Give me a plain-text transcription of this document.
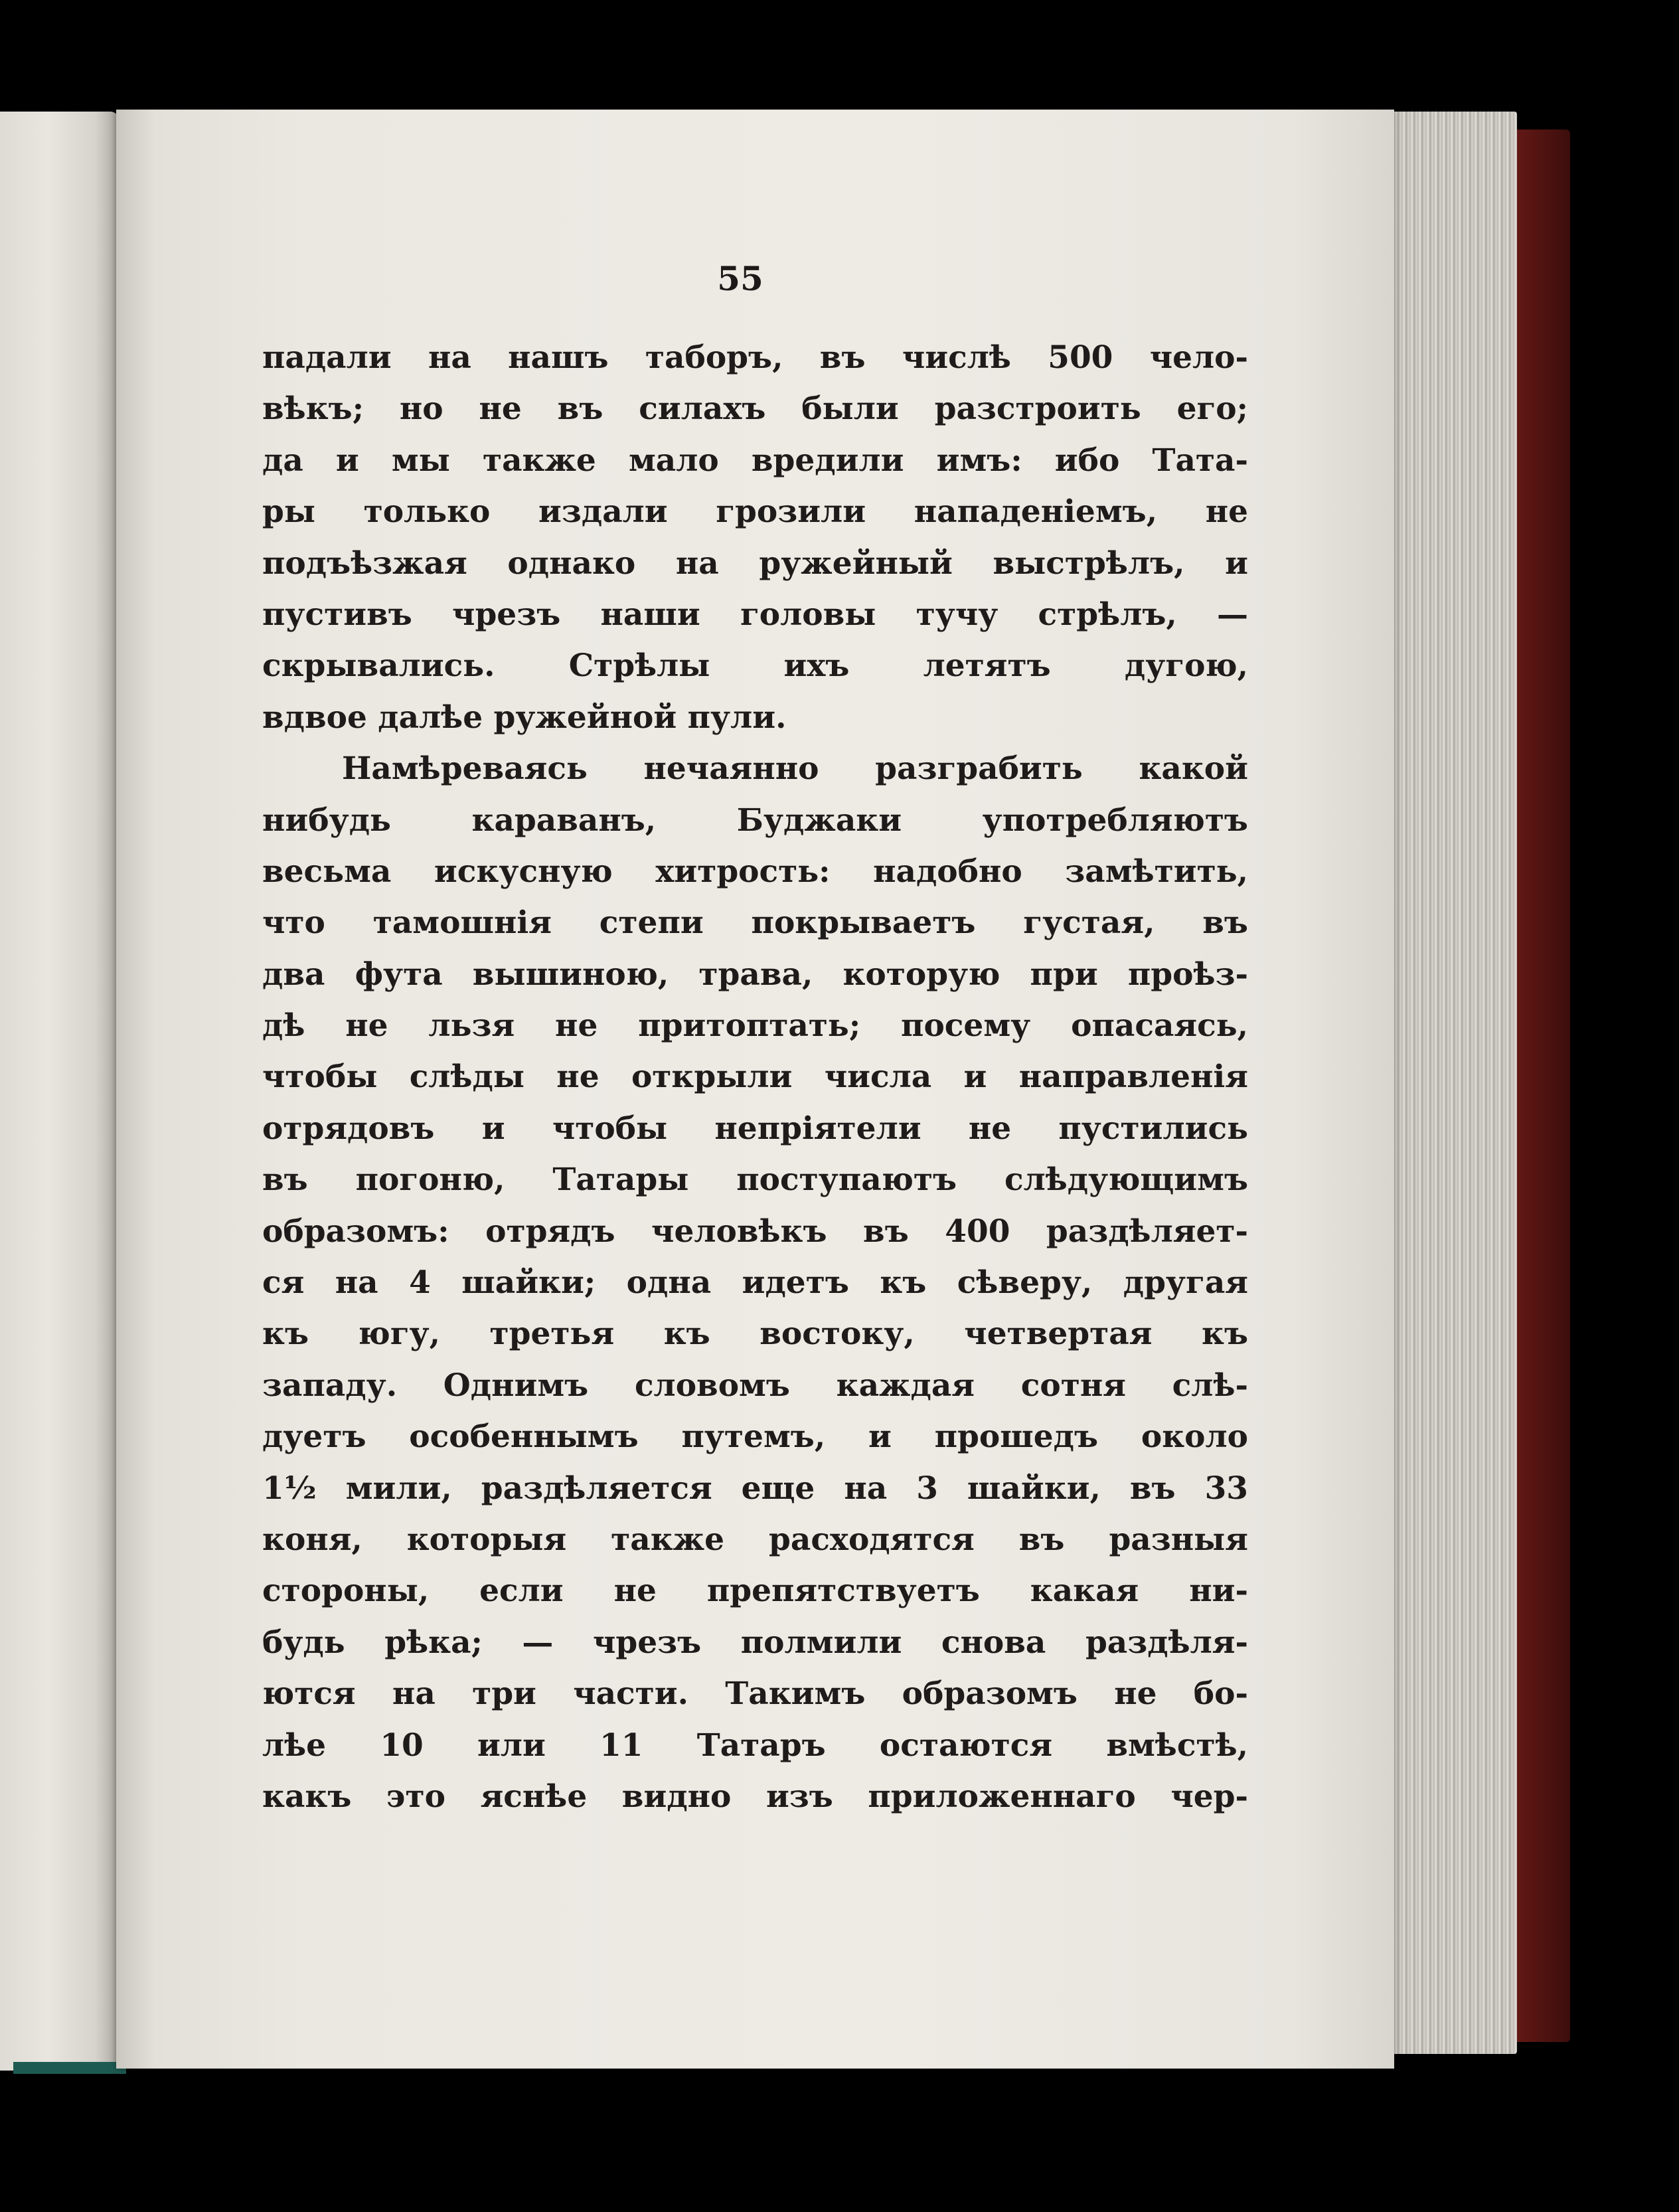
55
падали на нашъ таборъ, въ числѣ 500 чело-
вѣкъ; но не въ силахъ были разстроить его;
да и мы также мало вредили имъ: ибо Тата-
ры только издали грозили нападеніемъ, не
подъѣзжая однако на ружейный выстрѣлъ, и
пустивъ чрезъ наши головы тучу стрѣлъ, —
скрывались. Стрѣлы ихъ летятъ дугою,
вдвое далѣе ружейной пули.
Намѣреваясь нечаянно разграбить какой
нибудь караванъ, Буджаки употребляютъ
весьма искусную хитрость: надобно замѣтить,
что тамошнія степи покрываетъ густая, въ
два фута вышиною, трава, которую при проѣз-
дѣ не льзя не притоптать; посему опасаясь,
чтобы слѣды не открыли числа и направленія
отрядовъ и чтобы непріятели не пустились
въ погоню, Татары поступаютъ слѣдующимъ
образомъ: отрядъ человѣкъ въ 400 раздѣляет-
ся на 4 шайки; одна идетъ къ сѣверу, другая
къ югу, третья къ востоку, четвертая къ
западу. Однимъ словомъ каждая сотня слѣ-
дуетъ особеннымъ путемъ, и прошедъ около
1½ мили, раздѣляется еще на 3 шайки, въ 33
коня, которыя также расходятся въ разныя
стороны, если не препятствуетъ какая ни-
будь рѣка; — чрезъ полмили снова раздѣля-
ются на три части. Такимъ образомъ не бо-
лѣе 10 или 11 Татаръ остаются вмѣстѣ,
какъ это яснѣе видно изъ приложеннаго чер-
